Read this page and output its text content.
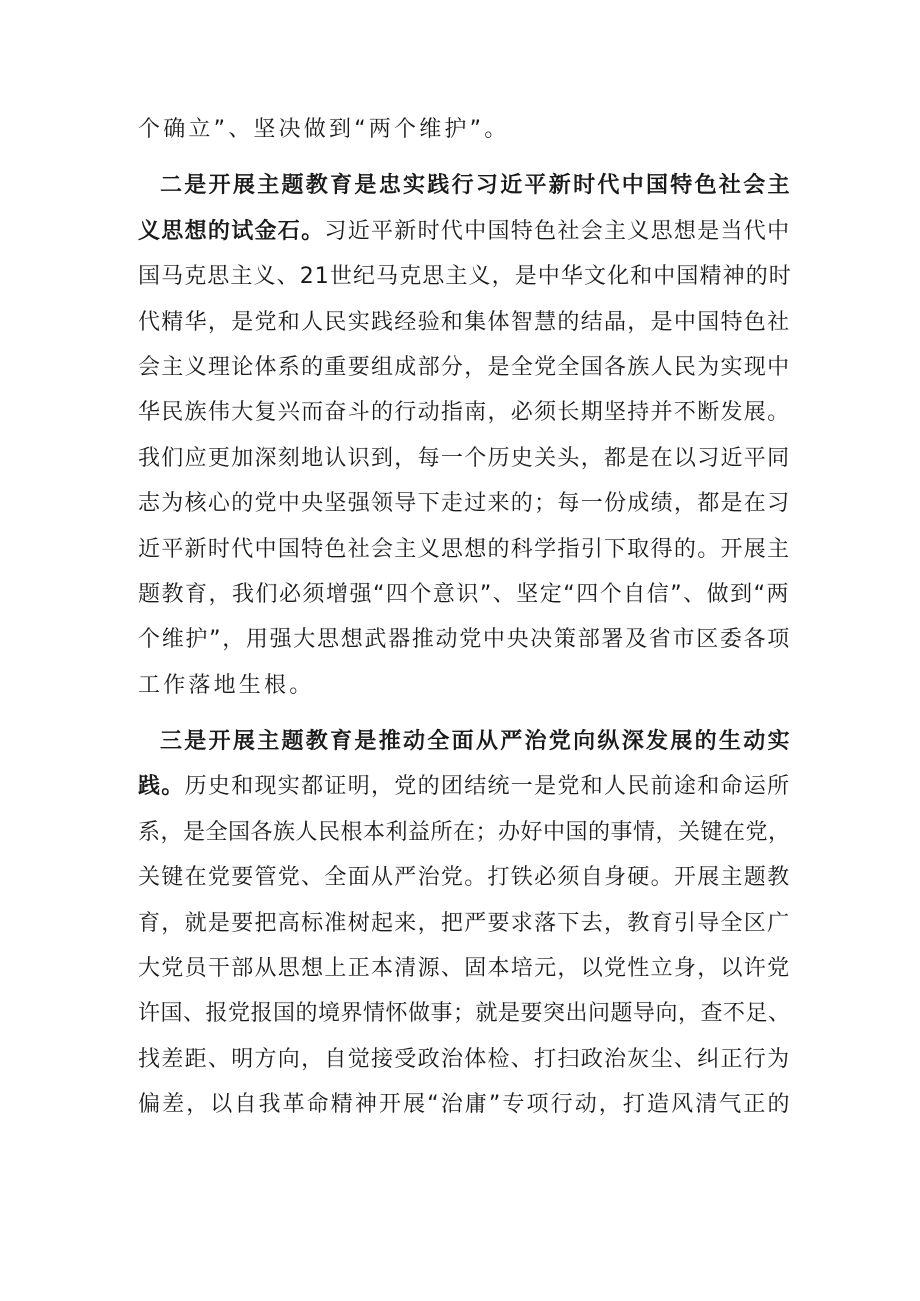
个确立”、坚决做到“两个维护”。
二是开展主题教育是忠实践行习近平新时代中国特色社会主
义思想的试金石。习近平新时代中国特色社会主义思想是当代中
国马克思主义、21世纪马克思主义，是中华文化和中国精神的时
代精华，是党和人民实践经验和集体智慧的结晶，是中国特色社
会主义理论体系的重要组成部分，是全党全国各族人民为实现中
华民族伟大复兴而奋斗的行动指南，必须长期坚持并不断发展。
我们应更加深刻地认识到，每一个历史关头，都是在以习近平同
志为核心的党中央坚强领导下走过来的；每一份成绩，都是在习
近平新时代中国特色社会主义思想的科学指引下取得的。开展主
题教育，我们必须增强“四个意识”、坚定“四个自信”、做到“两
个维护”，用强大思想武器推动党中央决策部署及省市区委各项
工作落地生根。
三是开展主题教育是推动全面从严治党向纵深发展的生动实
践。历史和现实都证明，党的团结统一是党和人民前途和命运所
系，是全国各族人民根本利益所在；办好中国的事情，关键在党，
关键在党要管党、全面从严治党。打铁必须自身硬。开展主题教
育，就是要把高标准树起来，把严要求落下去，教育引导全区广
大党员干部从思想上正本清源、固本培元，以党性立身，以许党
许国、报党报国的境界情怀做事；就是要突出问题导向，查不足、
找差距、明方向，自觉接受政治体检、打扫政治灰尘、纠正行为
偏差，以自我革命精神开展“治庸”专项行动，打造风清气正的
